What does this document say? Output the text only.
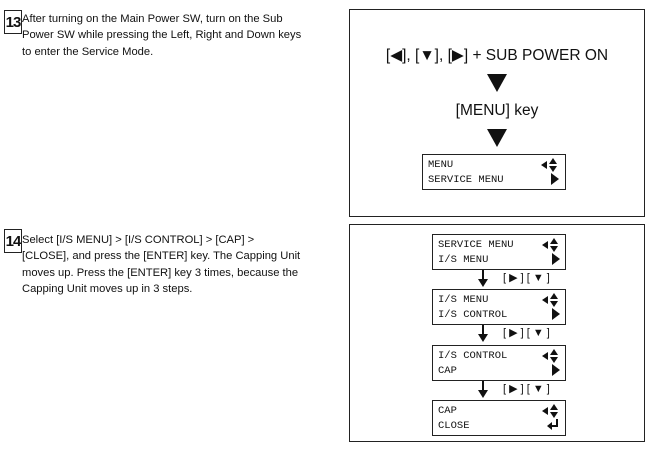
13 After turning on the Main Power SW, turn on the Sub
Power SW while pressing the Left, Right and Down keys
to enter the Service Mode.	[◀], [▼], [▶] + SUB POWER ON
[MENU] key
MENU
SERVICE MENU
14 Select [I/S MENU] > [I/S CONTROL] > [CAP] >
[CLOSE], and press the [ENTER] key. The Capping Unit
moves up. Press the [ENTER] key 3 times, because the
Capping Unit moves up in 3 steps.
SERVICE MENU
I/S MENU
[ ▶ ] [ ▼ ]
I/S MENU
I/S CONTROL
[ ▶ ] [ ▼ ]
I/S CONTROL
CAP
[ ▶ ] [ ▼ ]
CAP
CLOSE
